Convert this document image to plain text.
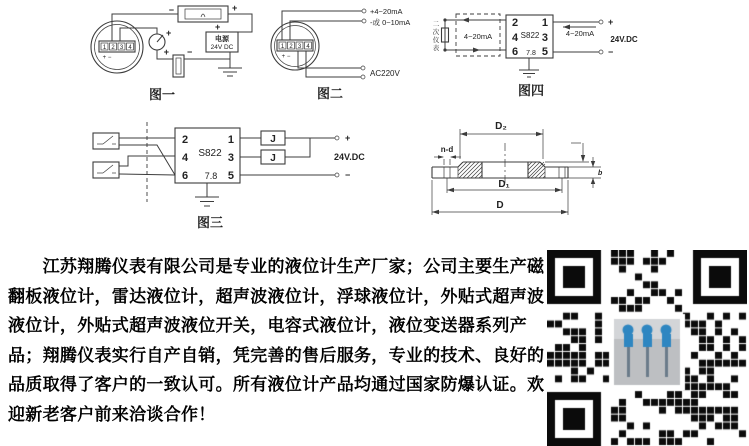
1 2 3 4
+ −
−	+
+
+ −
电源
24V DC
+
图一
1 2 3 4
+ −
+4~20mA
-或 0~10mA
AC220V
图二
二
次
仪
表
4~20mA
2
4
6
1
3
5
S822
7.8
4~20mA
+
−
24V.DC
图四
2
4
6
1
3
5
S822
7.8
J
J
+
−
24V.DC
图三
D₂
n-d
D₁
D
b
　　江苏翔腾仪表有限公司是专业的液位计生产厂家；公司主要生产磁
翻板液位计，雷达液位计，超声波液位计，浮球液位计，外贴式超声波
液位计，外贴式超声波液位开关，电容式液位计，液位变送器系列产
品；翔腾仪表实行自产自销，凭完善的售后服务，专业的技术、良好的
品质取得了客户的一致认可。所有液位计产品均通过国家防爆认证。欢
迎新老客户前来洽谈合作！
